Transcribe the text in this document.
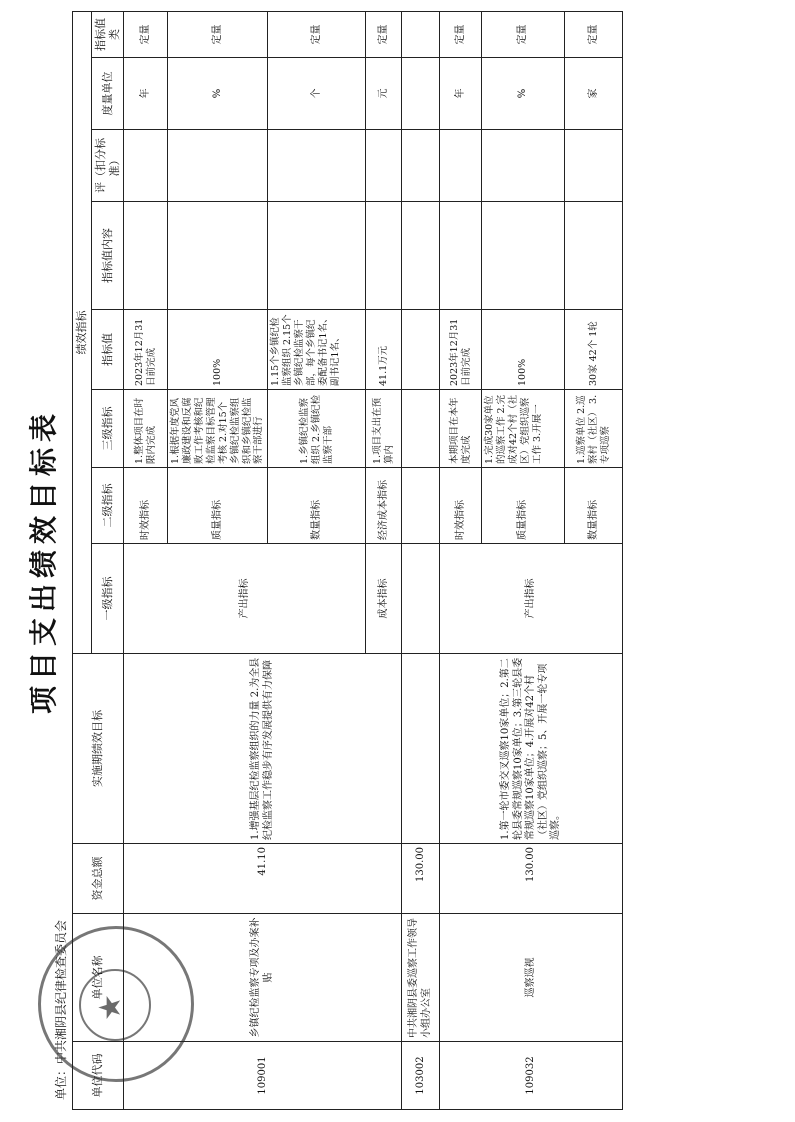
项目支出绩效目标表
单位：中共湘阴县纪律检查委员会 ★
单位代码	单位名称	资金总额	实施期绩效目标	绩效指标							
				一级指标	二级指标	三级指标	指标值	指标值内容	评（扣分标准）	度量单位	指标值类
109001	乡镇纪检监察专项及办案补贴	41.10	1.增强基层纪检监察组织的力量 2.为全县纪检监察工作稳步有序发展提供有力保障	产出指标	时效指标	1.整体项目在时限内完成	2023年12月31日前完成			年	定量
					质量指标	1.根据年度党风廉政建设和反腐败工作考核和纪检监察目标管理考核 2.对15个乡镇纪检监察组织和乡镇纪检监察干部进行	100%			%	定量
					数量指标	1.乡镇纪检监察组织 2.乡镇纪检监察干部	1.15个乡镇纪检监察组织 2.15个乡镇纪检监察干部，每个乡镇纪委配备书记1名、副书记1名、			个	定量
				成本指标	经济成本指标	1.项目支出在预算内	41.1万元			元	定量
103002	中共湘阴县委巡察工作领导小组办公室	130.00									
109032	巡察巡视	130.00	1.第一轮市委交叉巡察10家单位；2.第二轮县委常规巡察10家单位；3.第三轮县委常规巡察10家单位；4.开展对42个村（社区）党组织巡察；5、开展一轮专项巡察。	产出指标	时效指标	本期项目在本年度完成	2023年12月31日前完成			年	定量
					质量指标	1.完成30家单位的巡察工作 2.完成对42个村（社区）党组织巡察工作 3.开展一	100%			%	定量
					数量指标	1.巡察单位 2.巡察村（社区） 3.专项巡察	30家 42个 1轮			家	定量
